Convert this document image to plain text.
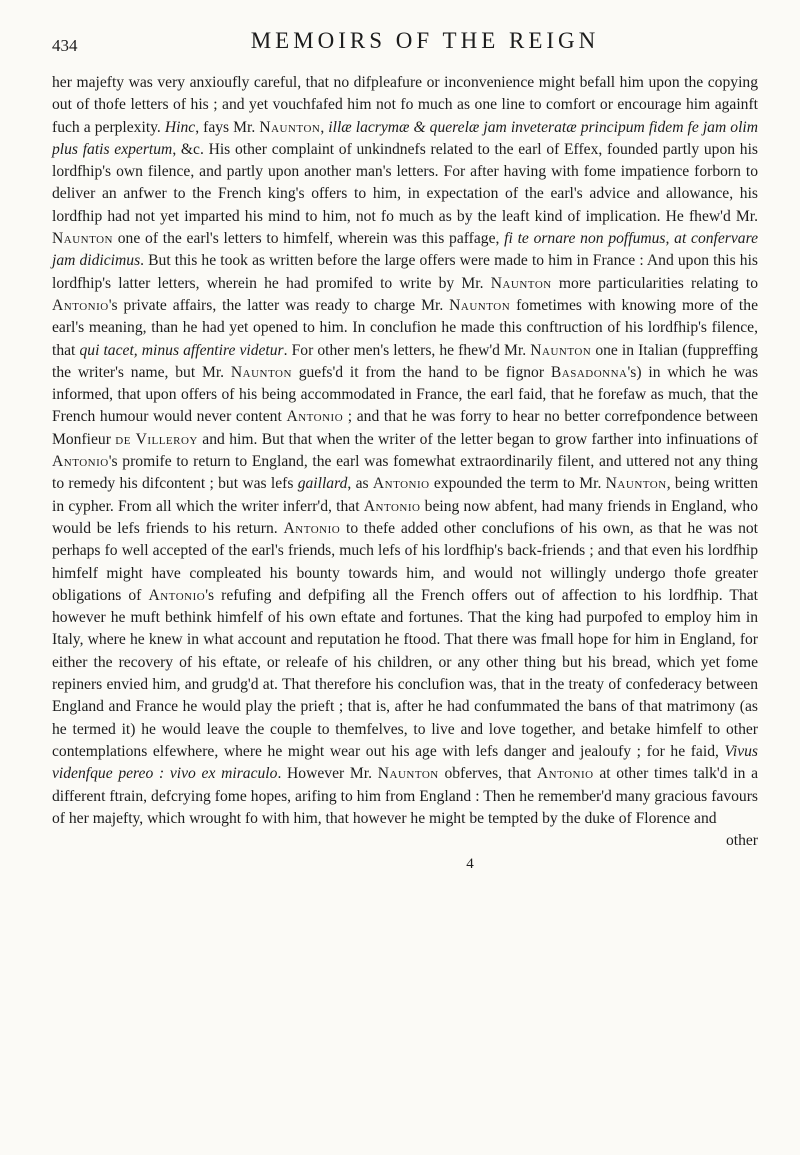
434	MEMOIRS OF THE REIGN

her majefty was very anxioufly careful, that no difpleafure or inconvenience might befall him upon the copying out of thofe letters of his ; and yet vouchfafed him not fo much as one line to comfort or encourage him againft fuch a perplexity. Hinc, fays Mr. Naunton, illæ lacrymæ & querelæ jam inveteratæ principum fidem fe jam olim plus fatis expertum, &c. His other complaint of unkindnefs related to the earl of Effex, founded partly upon his lordfhip's own filence, and partly upon another man's letters. For after having with fome impatience forborn to deliver an anfwer to the French king's offers to him, in expectation of the earl's advice and allowance, his lordfhip had not yet imparted his mind to him, not fo much as by the leaft kind of implication. He fhew'd Mr. Naunton one of the earl's letters to himfelf, wherein was this paffage, fi te ornare non poffumus, at confervare jam didicimus. But this he took as written before the large offers were made to him in France : And upon this his lordfhip's latter letters, wherein he had promifed to write by Mr. Naunton more particularities relating to Antonio's private affairs, the latter was ready to charge Mr. Naunton fometimes with knowing more of the earl's meaning, than he had yet opened to him. In conclufion he made this conftruction of his lordfhip's filence, that qui tacet, minus affentire videtur. For other men's letters, he fhew'd Mr. Naunton one in Italian (fuppreffing the writer's name, but Mr. Naunton guefs'd it from the hand to be fignor Basadonna's) in which he was informed, that upon offers of his being accommodated in France, the earl faid, that he forefaw as much, that the French humour would never content Antonio ; and that he was forry to hear no better correfpondence between Monfieur de Villeroy and him. But that when the writer of the letter began to grow farther into infinuations of Antonio's promife to return to England, the earl was fomewhat extraordinarily filent, and uttered not any thing to remedy his difcontent ; but was lefs gaillard, as Antonio expounded the term to Mr. Naunton, being written in cypher. From all which the writer inferr'd, that Antonio being now abfent, had many friends in England, who would be lefs friends to his return. Antonio to thefe added other conclufions of his own, as that he was not perhaps fo well accepted of the earl's friends, much lefs of his lordfhip's back-friends ; and that even his lordfhip himfelf might have compleated his bounty towards him, and would not willingly undergo thofe greater obligations of Antonio's refufing and defpifing all the French offers out of affection to his lordfhip. That however he muft bethink himfelf of his own eftate and fortunes. That the king had purpofed to employ him in Italy, where he knew in what account and reputation he ftood. That there was fmall hope for him in England, for either the recovery of his eftate, or releafe of his children, or any other thing but his bread, which yet fome repiners envied him, and grudg'd at. That therefore his conclufion was, that in the treaty of confederacy between England and France he would play the prieft ; that is, after he had confummated the bans of that matrimony (as he termed it) he would leave the couple to themfelves, to live and love together, and betake himfelf to other contemplations elfewhere, where he might wear out his age with lefs danger and jealoufy ; for he faid, Vivus videnfque pereo : vivo ex miraculo. However Mr. Naunton obferves, that Antonio at other times talk'd in a different ftrain, defcrying fome hopes, arifing to him from England : Then he remember'd many gracious favours of her majefty, which wrought fo with him, that however he might be tempted by the duke of Florence and

other
4
